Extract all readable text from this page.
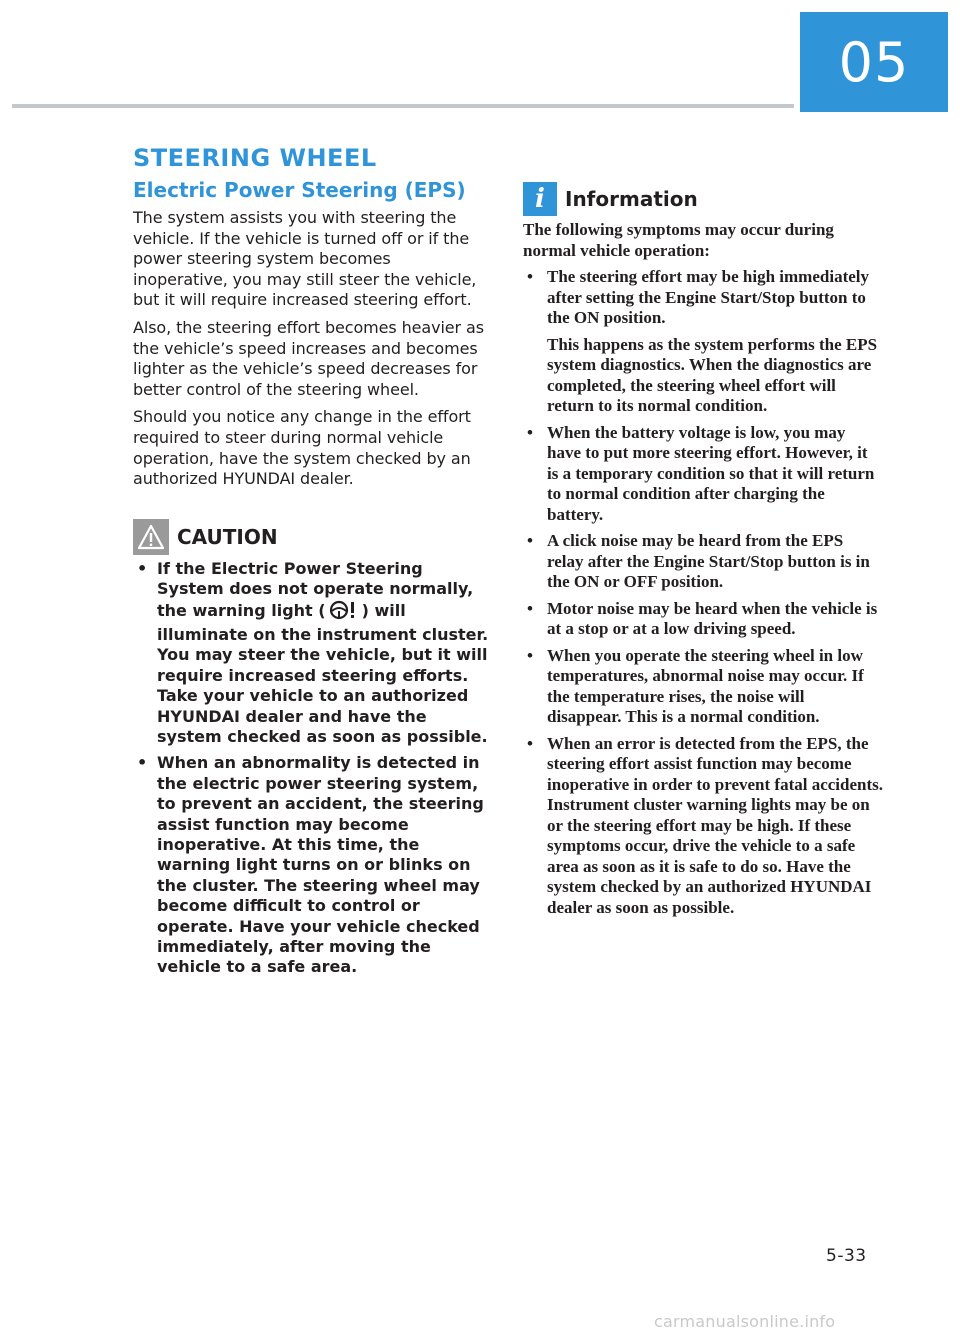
05
STEERING WHEEL
Electric Power Steering (EPS)

The system assists you with steering the vehicle. If the vehicle is turned off or if the power steering system becomes inoperative, you may still steer the vehicle, but it will require increased steering effort.

Also, the steering effort becomes heavier as the vehicle’s speed increases and becomes lighter as the vehicle’s speed decreases for better control of the steering wheel.

Should you notice any change in the effort required to steer during normal vehicle operation, have the system checked by an authorized HYUNDAI dealer.

CAUTION
• If the Electric Power Steering System does not operate normally, the warning light ( ) will illuminate on the instrument cluster. You may steer the vehicle, but it will require increased steering efforts. Take your vehicle to an authorized HYUNDAI dealer and have the system checked as soon as possible.
• When an abnormality is detected in the electric power steering system, to prevent an accident, the steering assist function may become inoperative. At this time, the warning light turns on or blinks on the cluster. The steering wheel may become difficult to control or operate. Have your vehicle checked immediately, after moving the vehicle to a safe area.
i	Information

The following symptoms may occur during normal vehicle operation:

• The steering effort may be high immediately after setting the Engine Start/Stop button to the ON position.

This happens as the system performs the EPS system diagnostics. When the diagnostics are completed, the steering wheel effort will return to its normal condition.

• When the battery voltage is low, you may have to put more steering effort. However, it is a temporary condition so that it will return to normal condition after charging the battery.

• A click noise may be heard from the EPS relay after the Engine Start/Stop button is in the ON or OFF position.

• Motor noise may be heard when the vehicle is at a stop or at a low driving speed.

• When you operate the steering wheel in low temperatures, abnormal noise may occur. If the temperature rises, the noise will disappear. This is a normal condition.

• When an error is detected from the EPS, the steering effort assist function may become inoperative in order to prevent fatal accidents. Instrument cluster warning lights may be on or the steering effort may be high. If these symptoms occur, drive the vehicle to a safe area as soon as it is safe to do so. Have the system checked by an authorized HYUNDAI dealer as soon as possible.

5-33
carmanualsonline.info
